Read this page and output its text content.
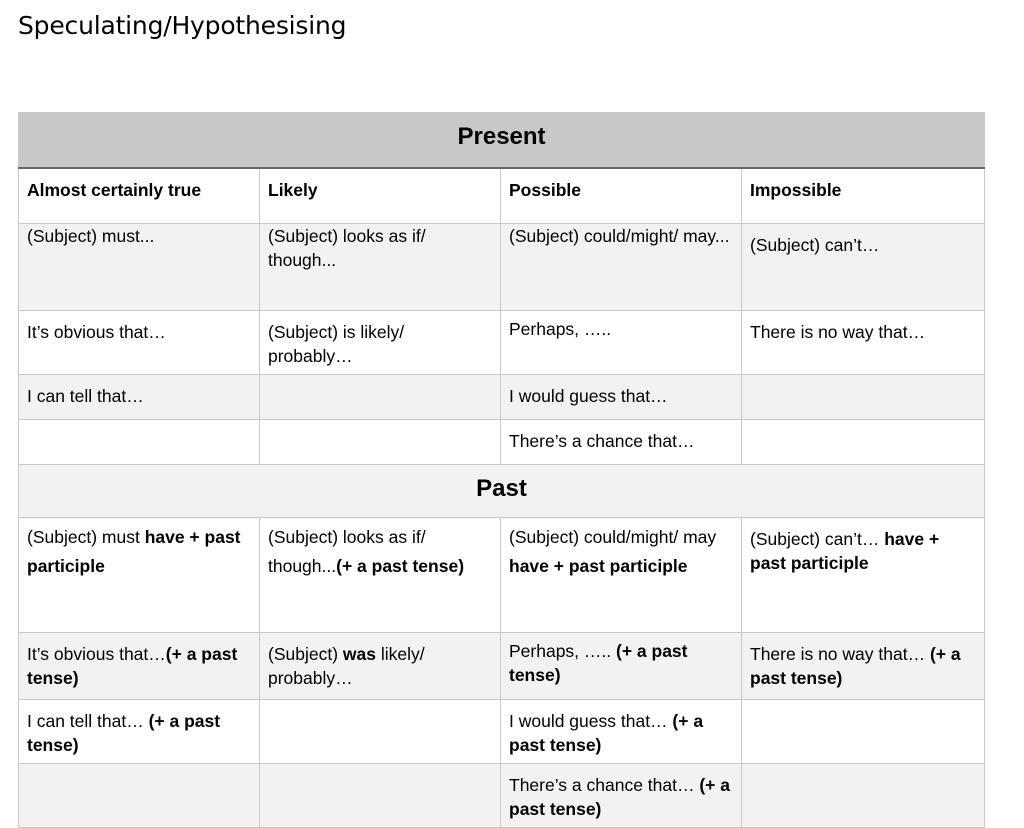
Speculating/Hypothesising
Present			
Almost certainly true	Likely	Possible	Impossible
(Subject) must...	(Subject) looks as if/ though...	(Subject) could/might/ may...	(Subject) can’t…
It’s obvious that…	(Subject) is likely/ probably…	Perhaps, …..	There is no way that…
I can tell that…		I would guess that…	
		There’s a chance that…	
Past			
(Subject) must have + past participle	(Subject) looks as if/ though...(+ a past tense)	(Subject) could/might/ may have + past participle	(Subject) can’t… have + past participle
It’s obvious that…(+ a past tense)	(Subject) was likely/ probably…	Perhaps, ….. (+ a past tense)	There is no way that… (+ a past tense)
I can tell that… (+ a past tense)		I would guess that… (+ a past tense)	
		There’s a chance that… (+ a past tense)	
